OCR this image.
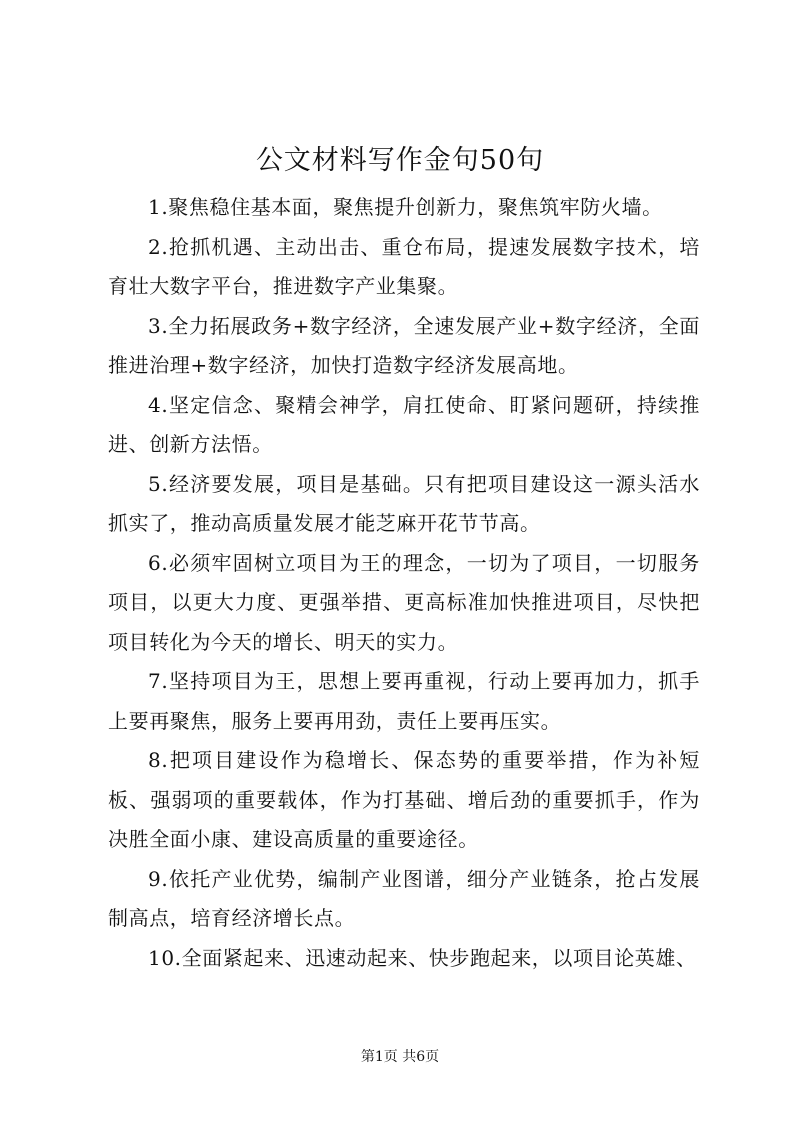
公文材料写作金句50句

1.聚焦稳住基本面，聚焦提升创新力，聚焦筑牢防火墙。

2.抢抓机遇、主动出击、重仓布局，提速发展数字技术，培育壮大数字平台，推进数字产业集聚。

3.全力拓展政务+数字经济，全速发展产业+数字经济，全面推进治理+数字经济，加快打造数字经济发展高地。

4.坚定信念、聚精会神学，肩扛使命、盯紧问题研，持续推进、创新方法悟。

5.经济要发展，项目是基础。只有把项目建设这一源头活水抓实了，推动高质量发展才能芝麻开花节节高。

6.必须牢固树立项目为王的理念，一切为了项目，一切服务项目，以更大力度、更强举措、更高标准加快推进项目，尽快把项目转化为今天的增长、明天的实力。

7.坚持项目为王，思想上要再重视，行动上要再加力，抓手上要再聚焦，服务上要再用劲，责任上要再压实。

8.把项目建设作为稳增长、保态势的重要举措，作为补短板、强弱项的重要载体，作为打基础、增后劲的重要抓手，作为决胜全面小康、建设高质量的重要途径。

9.依托产业优势，编制产业图谱，细分产业链条，抢占发展制高点，培育经济增长点。

10.全面紧起来、迅速动起来、快步跑起来，以项目论英雄、

第1页 共6页
